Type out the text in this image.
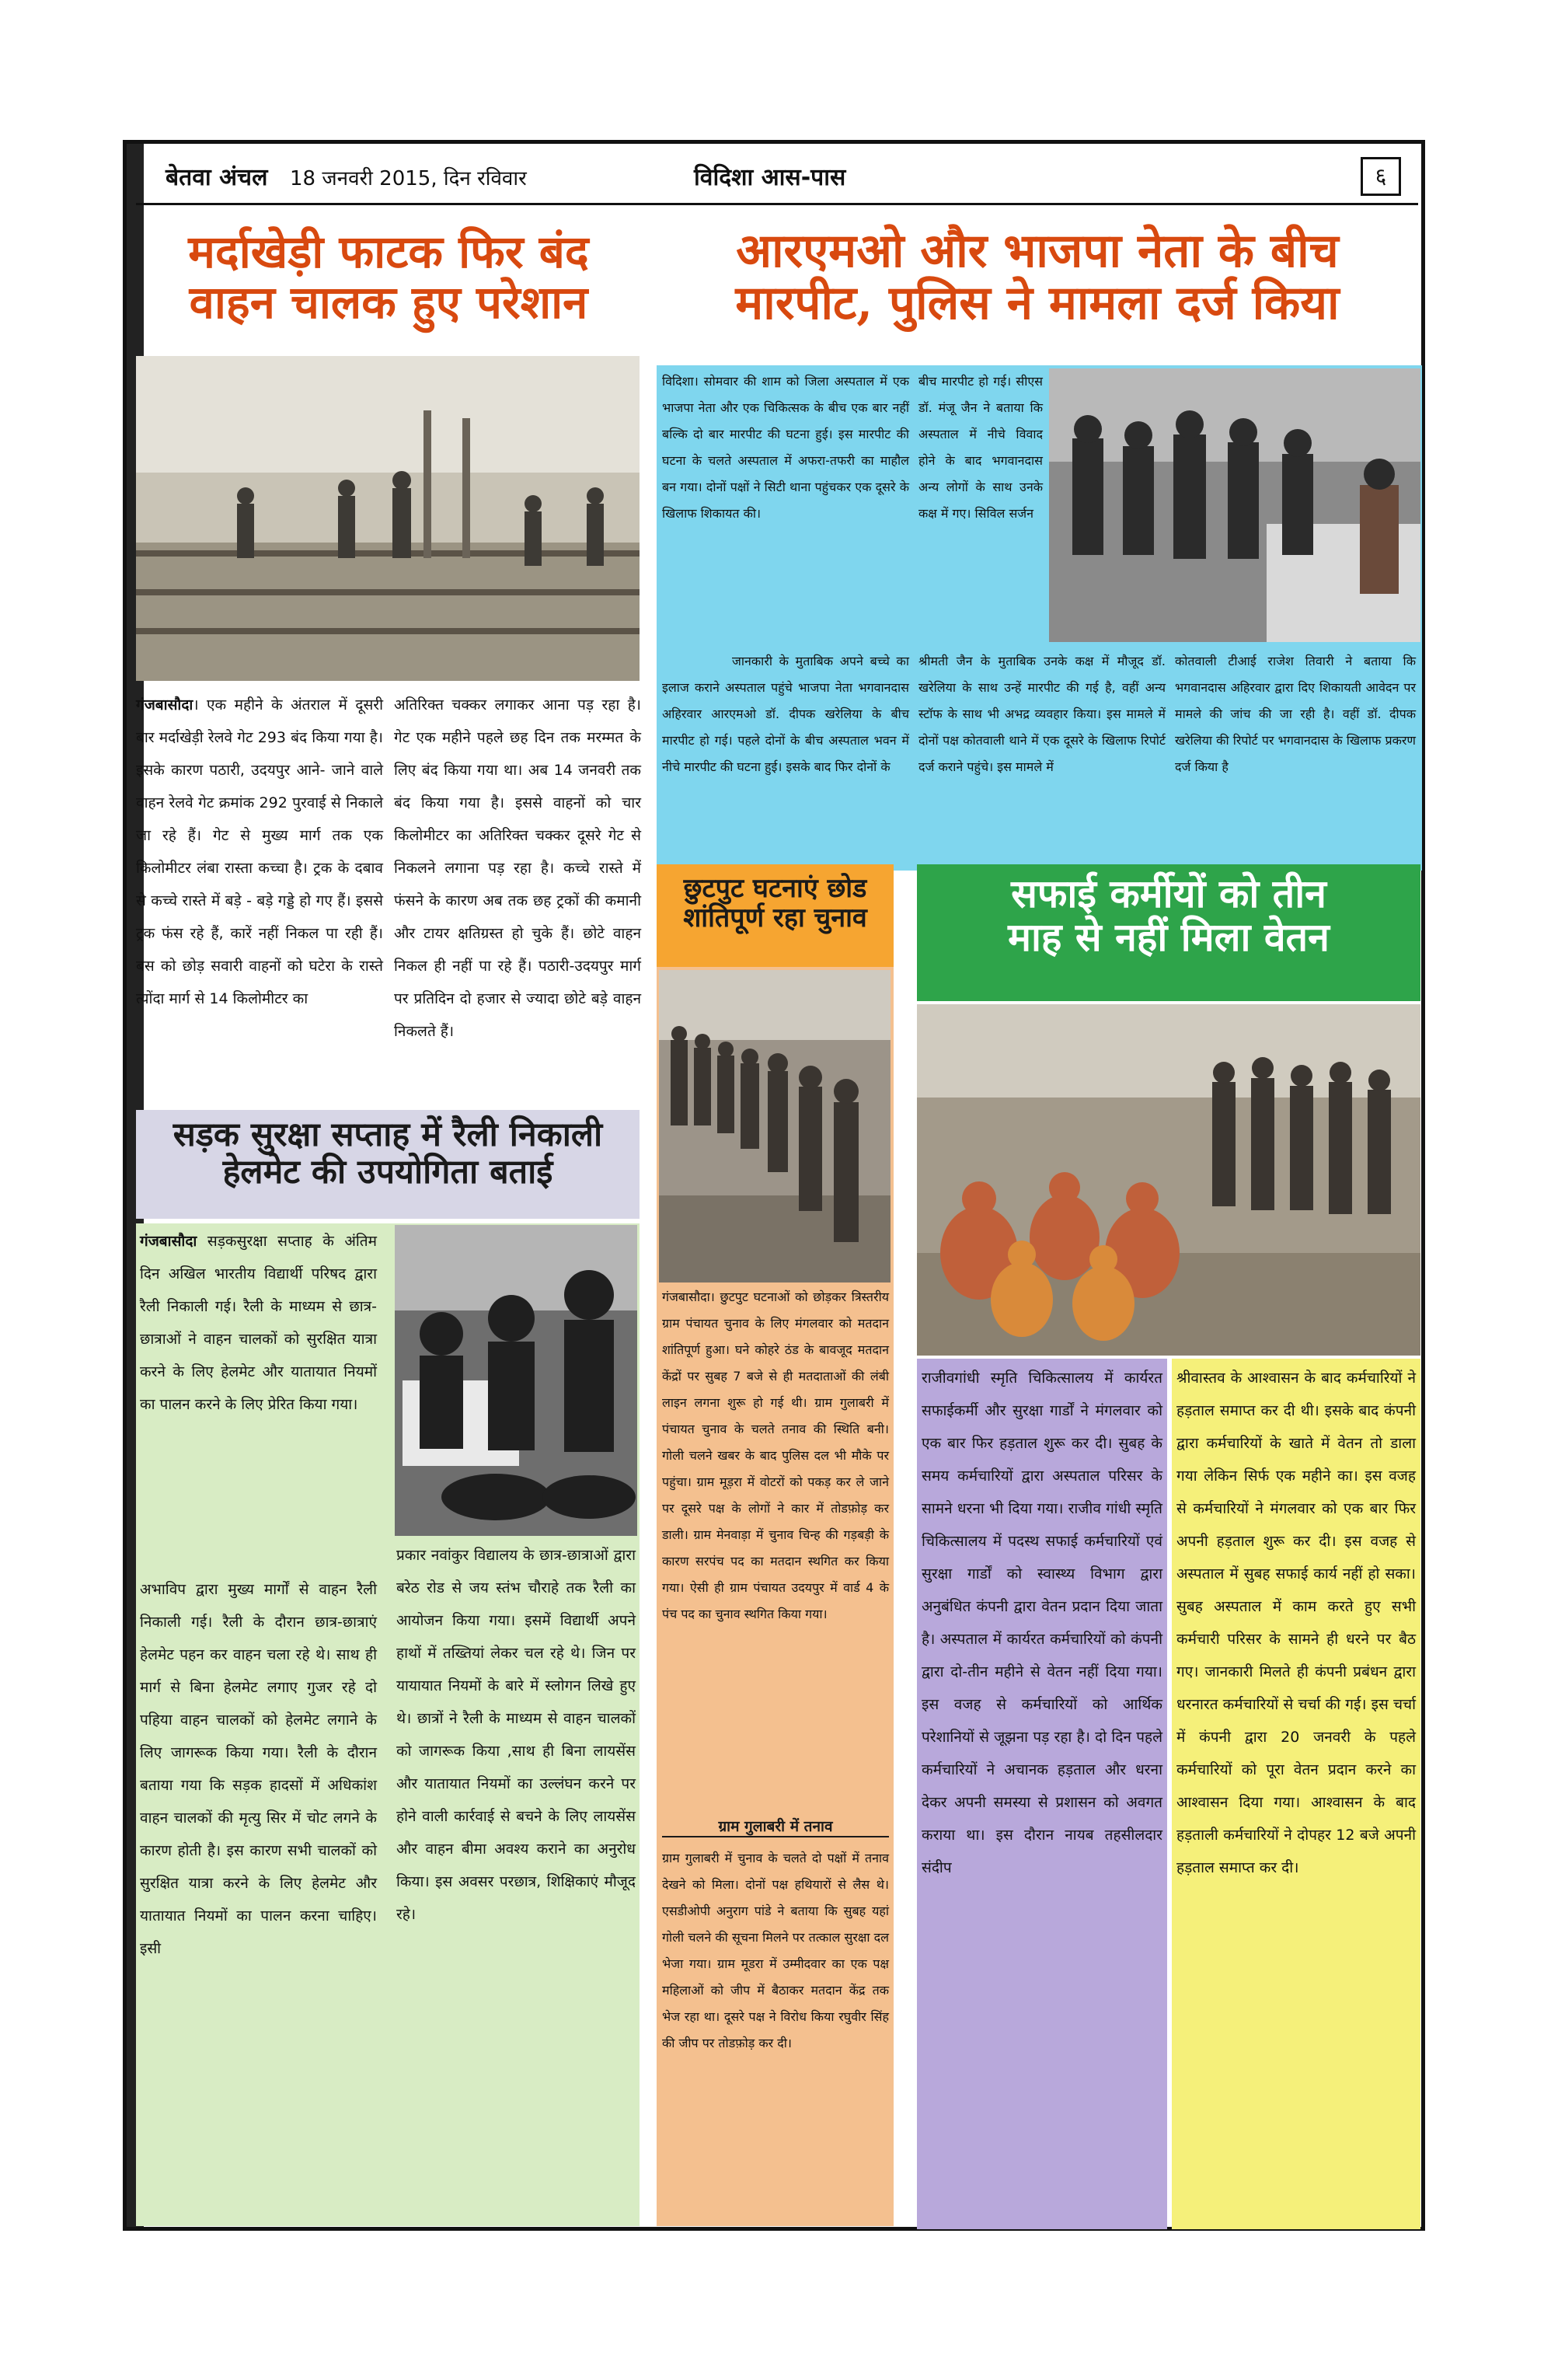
बेतवा अंचल 18 जनवरी 2015, दिन रविवार	विदिशा आस-पास	६
मर्दाखेड़ी फाटक फिर बंद
वाहन चालक हुए परेशान
गंजबासौदा। एक महीने के अंतराल में दूसरी बार मर्दाखेड़ी रेलवे गेट 293 बंद किया गया है। इसके कारण पठारी, उदयपुर आने- जाने वाले वाहन रेलवे गेट क्रमांक 292 पुरवाई से निकाले जा रहे हैं। गेट से मुख्य मार्ग तक एक किलोमीटर लंबा रास्ता कच्चा है। ट्रक के दबाव से कच्चे रास्ते में बड़े - बड़े गड्डे हो गए हैं। इससे ट्रक फंस रहे हैं, कारें नहीं निकल पा रही हैं। बस को छोड़ सवारी वाहनों को घटेरा के रास्ते त्योंदा मार्ग से 14 किलोमीटर का
अतिरिक्त चक्कर लगाकर आना पड़ रहा है। गेट एक महीने पहले छह दिन तक मरम्मत के लिए बंद किया गया था। अब 14 जनवरी तक बंद किया गया है। इससे वाहनों को चार किलोमीटर का अतिरिक्त चक्कर दूसरे गेट से निकलने लगाना पड़ रहा है। कच्चे रास्ते में फंसने के कारण अब तक छह ट्रकों की कमानी और टायर क्षतिग्रस्त हो चुके हैं। छोटे वाहन निकल ही नहीं पा रहे हैं। पठारी-उदयपुर मार्ग पर प्रतिदिन दो हजार से ज्यादा छोटे बड़े वाहन निकलते हैं।
आरएमओ और भाजपा नेता के बीच
मारपीट, पुलिस ने मामला दर्ज किया
विदिशा। सोमवार की शाम को जिला अस्पताल में एक भाजपा नेता और एक चिकित्सक के बीच एक बार नहीं बल्कि दो बार मारपीट की घटना हुई। इस मारपीट की घटना के चलते अस्पताल में अफरा-तफरी का माहौल बन गया। दोनों पक्षों ने सिटी थाना पहुंचकर एक दूसरे के खिलाफ शिकायत की।
जानकारी के मुताबिक अपने बच्चे का इलाज कराने अस्पताल पहुंचे भाजपा नेता भगवानदास अहिरवार आरएमओ डॉ. दीपक खरेलिया के बीच मारपीट हो गई। पहले दोनों के बीच अस्पताल भवन में नीचे मारपीट की घटना हुई। इसके बाद फिर दोनों के
बीच मारपीट हो गई। सीएस डॉ. मंजू जैन ने बताया कि अस्पताल में नीचे विवाद होने के बाद भगवानदास अन्य लोगों के साथ उनके कक्ष में गए। सिविल सर्जन
श्रीमती जैन के मुताबिक उनके कक्ष में मौजूद डॉ. खरेलिया के साथ उन्हें मारपीट की गई है, वहीं अन्य स्टॉफ के साथ भी अभद्र व्यवहार किया। इस मामले में दोनों पक्ष कोतवाली थाने में एक दूसरे के खिलाफ रिपोर्ट दर्ज कराने पहुंचे। इस मामले में
कोतवाली टीआई राजेश तिवारी ने बताया कि भगवानदास अहिरवार द्वारा दिए शिकायती आवेदन पर मामले की जांच की जा रही है। वहीं डॉ. दीपक खरेलिया की रिपोर्ट पर भगवानदास के खिलाफ प्रकरण दर्ज किया है
छुटपुट घटनाएं छोड
शांतिपूर्ण रहा चुनाव
गंजबासौदा। छुटपुट घटनाओं को छोड़कर त्रिस्तरीय ग्राम पंचायत चुनाव के लिए मंगलवार को मतदान शांतिपूर्ण हुआ। घने कोहरे ठंड के बावजूद मतदान केंद्रों पर सुबह 7 बजे से ही मतदाताओं की लंबी लाइन लगना शुरू हो गई थी। ग्राम गुलाबरी में पंचायत चुनाव के चलते तनाव की स्थिति बनी। गोली चलने खबर के बाद पुलिस दल भी मौके पर पहुंचा। ग्राम मूड़रा में वोटरों को पकड़ कर ले जाने पर दूसरे पक्ष के लोगों ने कार में तोडफ़ोड़ कर डाली। ग्राम मेनवाड़ा में चुनाव चिन्ह की गड़बड़ी के कारण सरपंच पद का मतदान स्थगित कर किया गया। ऐसी ही ग्राम पंचायत उदयपुर में वार्ड 4 के पंच पद का चुनाव स्थगित किया गया।
ग्राम गुलाबरी में तनाव
ग्राम गुलाबरी में चुनाव के चलते दो पक्षों में तनाव देखने को मिला। दोनों पक्ष हथियारों से लैस थे। एसडीओपी अनुराग पांडे ने बताया कि सुबह यहां गोली चलने की सूचना मिलने पर तत्काल सुरक्षा दल भेजा गया। ग्राम मूडरा में उम्मीदवार का एक पक्ष महिलाओं को जीप में बैठाकर मतदान केंद्र तक भेज रहा था। दूसरे पक्ष ने विरोध किया रघुवीर सिंह की जीप पर तोडफ़ोड़ कर दी।
सफाई कर्मीयों को तीन
माह से नहीं मिला वेतन
राजीवगांधी स्मृति चिकित्सालय में कार्यरत सफाईकर्मी और सुरक्षा गार्डों ने मंगलवार को एक बार फिर हड़ताल शुरू कर दी। सुबह के समय कर्मचारियों द्वारा अस्पताल परिसर के सामने धरना भी दिया गया। राजीव गांधी स्मृति चिकित्सालय में पदस्थ सफाई कर्मचारियों एवं सुरक्षा गार्डों को स्वास्थ्य विभाग द्वारा अनुबंधित कंपनी द्वारा वेतन प्रदान दिया जाता है। अस्पताल में कार्यरत कर्मचारियों को कंपनी द्वारा दो-तीन महीने से वेतन नहीं दिया गया। इस वजह से कर्मचारियों को आर्थिक परेशानियों से जूझना पड़ रहा है। दो दिन पहले कर्मचारियों ने अचानक हड़ताल और धरना देकर अपनी समस्या से प्रशासन को अवगत कराया था। इस दौरान नायब तहसीलदार संदीप
श्रीवास्तव के आश्वासन के बाद कर्मचारियों ने हड़ताल समाप्त कर दी थी। इसके बाद कंपनी द्वारा कर्मचारियों के खाते में वेतन तो डाला गया लेकिन सिर्फ एक महीने का। इस वजह से कर्मचारियों ने मंगलवार को एक बार फिर अपनी हड़ताल शुरू कर दी। इस वजह से अस्पताल में सुबह सफाई कार्य नहीं हो सका। सुबह अस्पताल में काम करते हुए सभी कर्मचारी परिसर के सामने ही धरने पर बैठ गए। जानकारी मिलते ही कंपनी प्रबंधन द्वारा धरनारत कर्मचारियों से चर्चा की गई। इस चर्चा में कंपनी द्वारा 20 जनवरी के पहले कर्मचारियों को पूरा वेतन प्रदान करने का आश्वासन दिया गया। आश्वासन के बाद हड़ताली कर्मचारियों ने दोपहर 12 बजे अपनी हड़ताल समाप्त कर दी।
सड़क सुरक्षा सप्ताह में रैली निकाली
हेलमेट की उपयोगिता बताई
गंजबासौदा सड़कसुरक्षा सप्ताह के अंतिम दिन अखिल भारतीय विद्यार्थी परिषद द्वारा रैली निकाली गई। रैली के माध्यम से छात्र-छात्राओं ने वाहन चालकों को सुरक्षित यात्रा करने के लिए हेलमेट और यातायात नियमों का पालन करने के लिए प्रेरित किया गया।
अभाविप द्वारा मुख्य मार्गों से वाहन रैली निकाली गई। रैली के दौरान छात्र-छात्राएं हेलमेट पहन कर वाहन चला रहे थे। साथ ही मार्ग से बिना हेलमेट लगाए गुजर रहे दो पहिया वाहन चालकों को हेलमेट लगाने के लिए जागरूक किया गया। रैली के दौरान बताया गया कि सड़क हादसों में अधिकांश वाहन चालकों की मृत्यु सिर में चोट लगने के कारण होती है। इस कारण सभी चालकों को सुरक्षित यात्रा करने के लिए हेलमेट और यातायात नियमों का पालन करना चाहिए। इसी
प्रकार नवांकुर विद्यालय के छात्र-छात्राओं द्वारा बरेठ रोड से जय स्तंभ चौराहे तक रैली का आयोजन किया गया। इसमें विद्यार्थी अपने हाथों में तख्तियां लेकर चल रहे थे। जिन पर यायायात नियमों के बारे में स्लोगन लिखे हुए थे। छात्रों ने रैली के माध्यम से वाहन चालकों को जागरूक किया ,साथ ही बिना लायसेंस और यातायात नियमों का उल्लंघन करने पर होने वाली कार्रवाई से बचने के लिए लायसेंस और वाहन बीमा अवश्य कराने का अनुरोध किया। इस अवसर परछात्र, शिक्षिकाएं मौजूद रहे।
